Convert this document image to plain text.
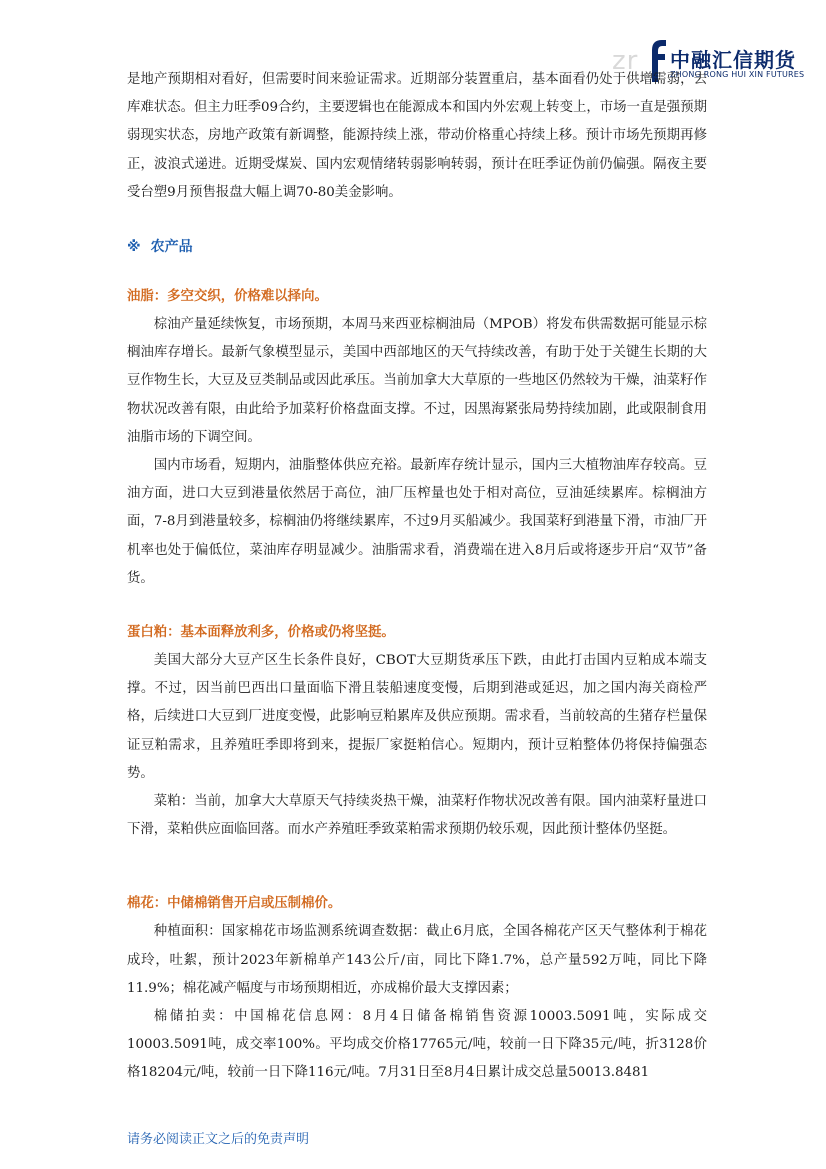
zr 中融汇信期货
ZHONG RONG HUI XIN FUTURES

是地产预期相对看好，但需要时间来验证需求。近期部分装置重启，基本面看仍处于供增需弱，去库难状态。但主力旺季09合约，主要逻辑也在能源成本和国内外宏观上转变上，市场一直是强预期弱现实状态，房地产政策有新调整，能源持续上涨，带动价格重心持续上移。预计市场先预期再修正，波浪式递进。近期受煤炭、国内宏观情绪转弱影响转弱，预计在旺季证伪前仍偏强。隔夜主要受台塑9月预售报盘大幅上调70-80美金影响。

※ 农产品
油脂：多空交织，价格难以择向。

棕油产量延续恢复，市场预期，本周马来西亚棕榈油局（MPOB）将发布供需数据可能显示棕榈油库存增长。最新气象模型显示，美国中西部地区的天气持续改善，有助于处于关键生长期的大豆作物生长，大豆及豆类制品或因此承压。当前加拿大大草原的一些地区仍然较为干燥，油菜籽作物状况改善有限，由此给予加菜籽价格盘面支撑。不过，因黑海紧张局势持续加剧，此或限制食用油脂市场的下调空间。

国内市场看，短期内，油脂整体供应充裕。最新库存统计显示，国内三大植物油库存较高。豆油方面，进口大豆到港量依然居于高位，油厂压榨量也处于相对高位，豆油延续累库。棕榈油方面，7-8月到港量较多，棕榈油仍将继续累库，不过9月买船减少。我国菜籽到港量下滑，市油厂开机率也处于偏低位，菜油库存明显减少。油脂需求看，消费端在进入8月后或将逐步开启“双节”备货。

蛋白粕：基本面释放利多，价格或仍将坚挺。

美国大部分大豆产区生长条件良好，CBOT大豆期货承压下跌，由此打击国内豆粕成本端支撑。不过，因当前巴西出口量面临下滑且装船速度变慢，后期到港或延迟，加之国内海关商检严格，后续进口大豆到厂进度变慢，此影响豆粕累库及供应预期。需求看，当前较高的生猪存栏量保证豆粕需求，且养殖旺季即将到来，提振厂家挺粕信心。短期内，预计豆粕整体仍将保持偏强态势。

菜粕：当前，加拿大大草原天气持续炎热干燥，油菜籽作物状况改善有限。国内油菜籽量进口下滑，菜粕供应面临回落。而水产养殖旺季致菜粕需求预期仍较乐观，因此预计整体仍坚挺。

棉花：中储棉销售开启或压制棉价。

种植面积：国家棉花市场监测系统调查数据：截止6月底，全国各棉花产区天气整体利于棉花成玲，吐絮，预计2023年新棉单产143公斤/亩，同比下降1.7%，总产量592万吨，同比下降11.9%；棉花减产幅度与市场预期相近，亦成棉价最大支撑因素；

棉储拍卖：中国棉花信息网：8月4日储备棉销售资源10003.5091吨，实际成交10003.5091吨，成交率100%。平均成交价格17765元/吨，较前一日下降35元/吨，折3128价格18204元/吨，较前一日下降116元/吨。7月31日至8月4日累计成交总量50013.8481

请务必阅读正文之后的免责声明
